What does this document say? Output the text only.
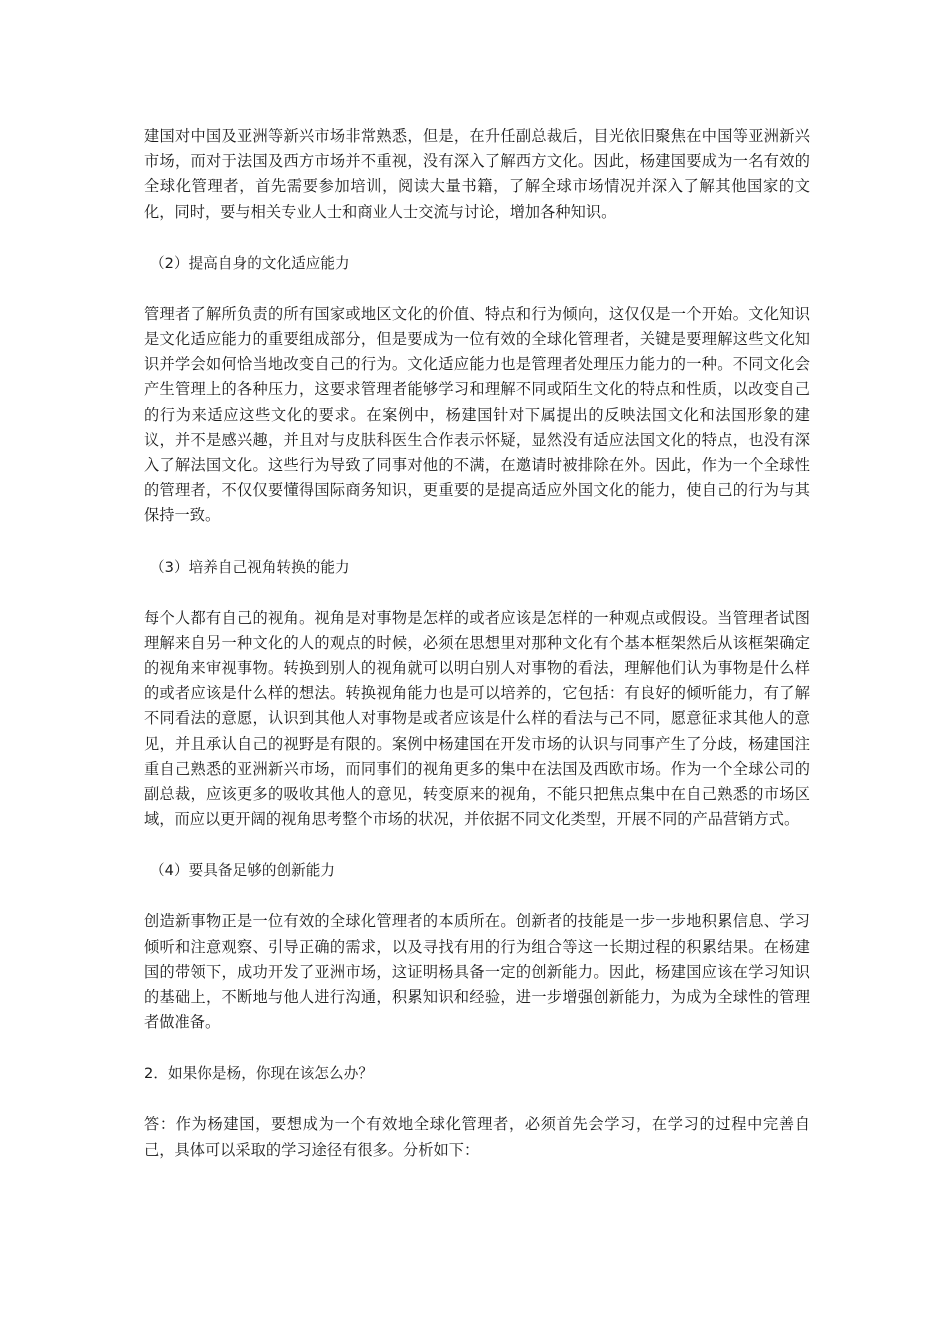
建国对中国及亚洲等新兴市场非常熟悉，但是，在升任副总裁后，目光依旧聚焦在中国等亚洲新兴市场，而对于法国及西方市场并不重视，没有深入了解西方文化。因此，杨建国要成为一名有效的全球化管理者，首先需要参加培训，阅读大量书籍，了解全球市场情况并深入了解其他国家的文化，同时，要与相关专业人士和商业人士交流与讨论，增加各种知识。

（2）提高自身的文化适应能力

管理者了解所负责的所有国家或地区文化的价值、特点和行为倾向，这仅仅是一个开始。文化知识是文化适应能力的重要组成部分，但是要成为一位有效的全球化管理者，关键是要理解这些文化知识并学会如何恰当地改变自己的行为。文化适应能力也是管理者处理压力能力的一种。不同文化会产生管理上的各种压力，这要求管理者能够学习和理解不同或陌生文化的特点和性质，以改变自己的行为来适应这些文化的要求。在案例中，杨建国针对下属提出的反映法国文化和法国形象的建议，并不是感兴趣，并且对与皮肤科医生合作表示怀疑，显然没有适应法国文化的特点，也没有深入了解法国文化。这些行为导致了同事对他的不满，在邀请时被排除在外。因此，作为一个全球性的管理者，不仅仅要懂得国际商务知识，更重要的是提高适应外国文化的能力，使自己的行为与其保持一致。

（3）培养自己视角转换的能力

每个人都有自己的视角。视角是对事物是怎样的或者应该是怎样的一种观点或假设。当管理者试图理解来自另一种文化的人的观点的时候，必须在思想里对那种文化有个基本框架然后从该框架确定的视角来审视事物。转换到别人的视角就可以明白别人对事物的看法，理解他们认为事物是什么样的或者应该是什么样的想法。转换视角能力也是可以培养的，它包括：有良好的倾听能力，有了解不同看法的意愿，认识到其他人对事物是或者应该是什么样的看法与己不同，愿意征求其他人的意见，并且承认自己的视野是有限的。案例中杨建国在开发市场的认识与同事产生了分歧，杨建国注重自己熟悉的亚洲新兴市场，而同事们的视角更多的集中在法国及西欧市场。作为一个全球公司的副总裁，应该更多的吸收其他人的意见，转变原来的视角，不能只把焦点集中在自己熟悉的市场区域，而应以更开阔的视角思考整个市场的状况，并依据不同文化类型，开展不同的产品营销方式。

（4）要具备足够的创新能力

创造新事物正是一位有效的全球化管理者的本质所在。创新者的技能是一步一步地积累信息、学习倾听和注意观察、引导正确的需求，以及寻找有用的行为组合等这一长期过程的积累结果。在杨建国的带领下，成功开发了亚洲市场，这证明杨具备一定的创新能力。因此，杨建国应该在学习知识的基础上，不断地与他人进行沟通，积累知识和经验，进一步增强创新能力，为成为全球性的管理者做准备。

2．如果你是杨，你现在该怎么办？

答：作为杨建国，要想成为一个有效地全球化管理者，必须首先会学习，在学习的过程中完善自己，具体可以采取的学习途径有很多。分析如下：
